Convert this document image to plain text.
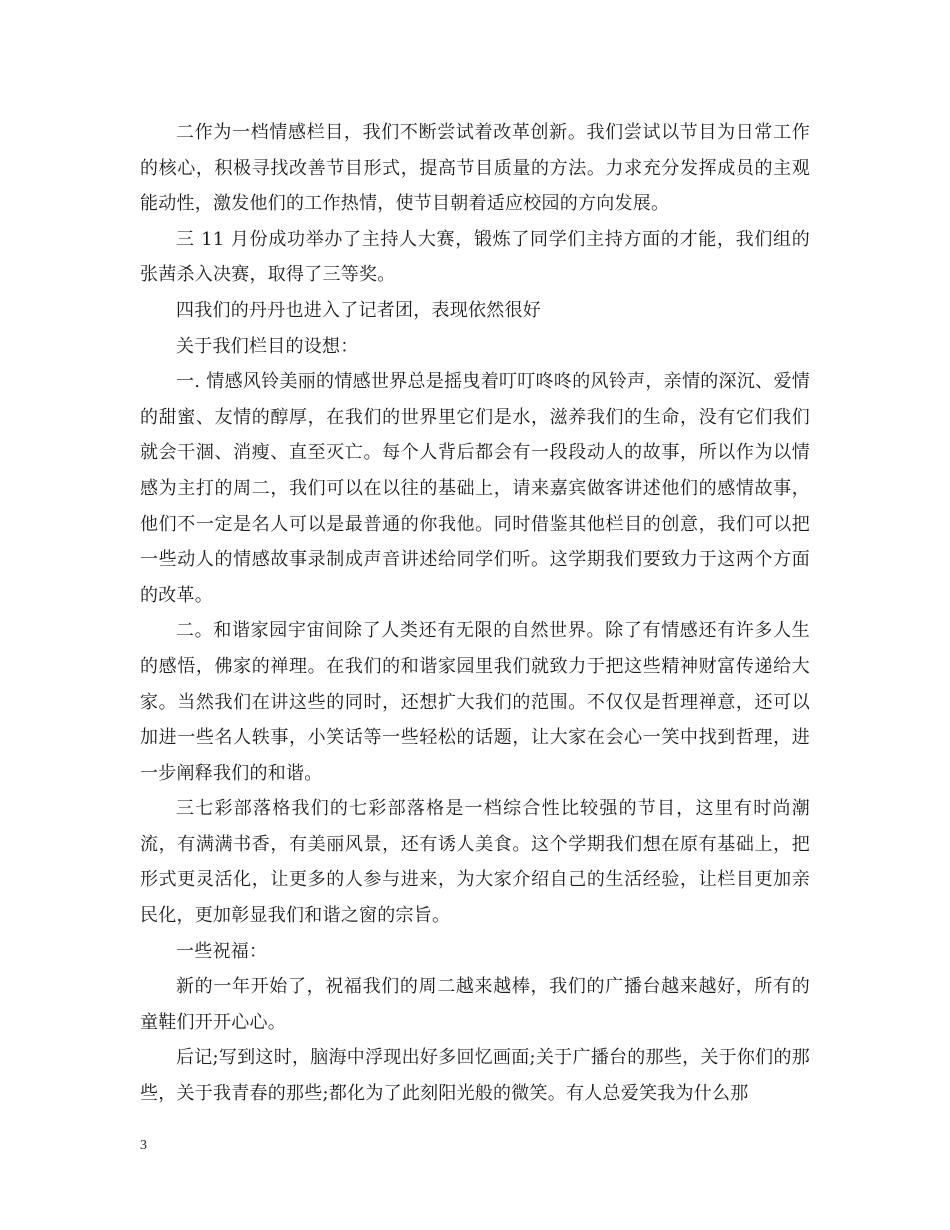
二作为一档情感栏目，我们不断尝试着改革创新。我们尝试以节目为日常工作的核心，积极寻找改善节目形式，提高节目质量的方法。力求充分发挥成员的主观能动性，激发他们的工作热情，使节目朝着适应校园的方向发展。

三 11 月份成功举办了主持人大赛，锻炼了同学们主持方面的才能，我们组的张茜杀入决赛，取得了三等奖。

四我们的丹丹也进入了记者团，表现依然很好

关于我们栏目的设想：

一. 情感风铃美丽的情感世界总是摇曳着叮叮咚咚的风铃声，亲情的深沉、爱情的甜蜜、友情的醇厚，在我们的世界里它们是水，滋养我们的生命，没有它们我们就会干涸、消瘦、直至灭亡。每个人背后都会有一段段动人的故事，所以作为以情感为主打的周二，我们可以在以往的基础上，请来嘉宾做客讲述他们的感情故事，他们不一定是名人可以是最普通的你我他。同时借鉴其他栏目的创意，我们可以把一些动人的情感故事录制成声音讲述给同学们听。这学期我们要致力于这两个方面的改革。

二。和谐家园宇宙间除了人类还有无限的自然世界。除了有情感还有许多人生的感悟，佛家的禅理。在我们的和谐家园里我们就致力于把这些精神财富传递给大家。当然我们在讲这些的同时，还想扩大我们的范围。不仅仅是哲理禅意，还可以加进一些名人轶事，小笑话等一些轻松的话题，让大家在会心一笑中找到哲理，进一步阐释我们的和谐。

三七彩部落格我们的七彩部落格是一档综合性比较强的节目，这里有时尚潮流，有满满书香，有美丽风景，还有诱人美食。这个学期我们想在原有基础上，把形式更灵活化，让更多的人参与进来，为大家介绍自己的生活经验，让栏目更加亲民化，更加彰显我们和谐之窗的宗旨。

一些祝福：

新的一年开始了，祝福我们的周二越来越棒，我们的广播台越来越好，所有的童鞋们开开心心。

后记;写到这时，脑海中浮现出好多回忆画面;关于广播台的那些，关于你们的那些，关于我青春的那些;都化为了此刻阳光般的微笑。有人总爱笑我为什么那

3
